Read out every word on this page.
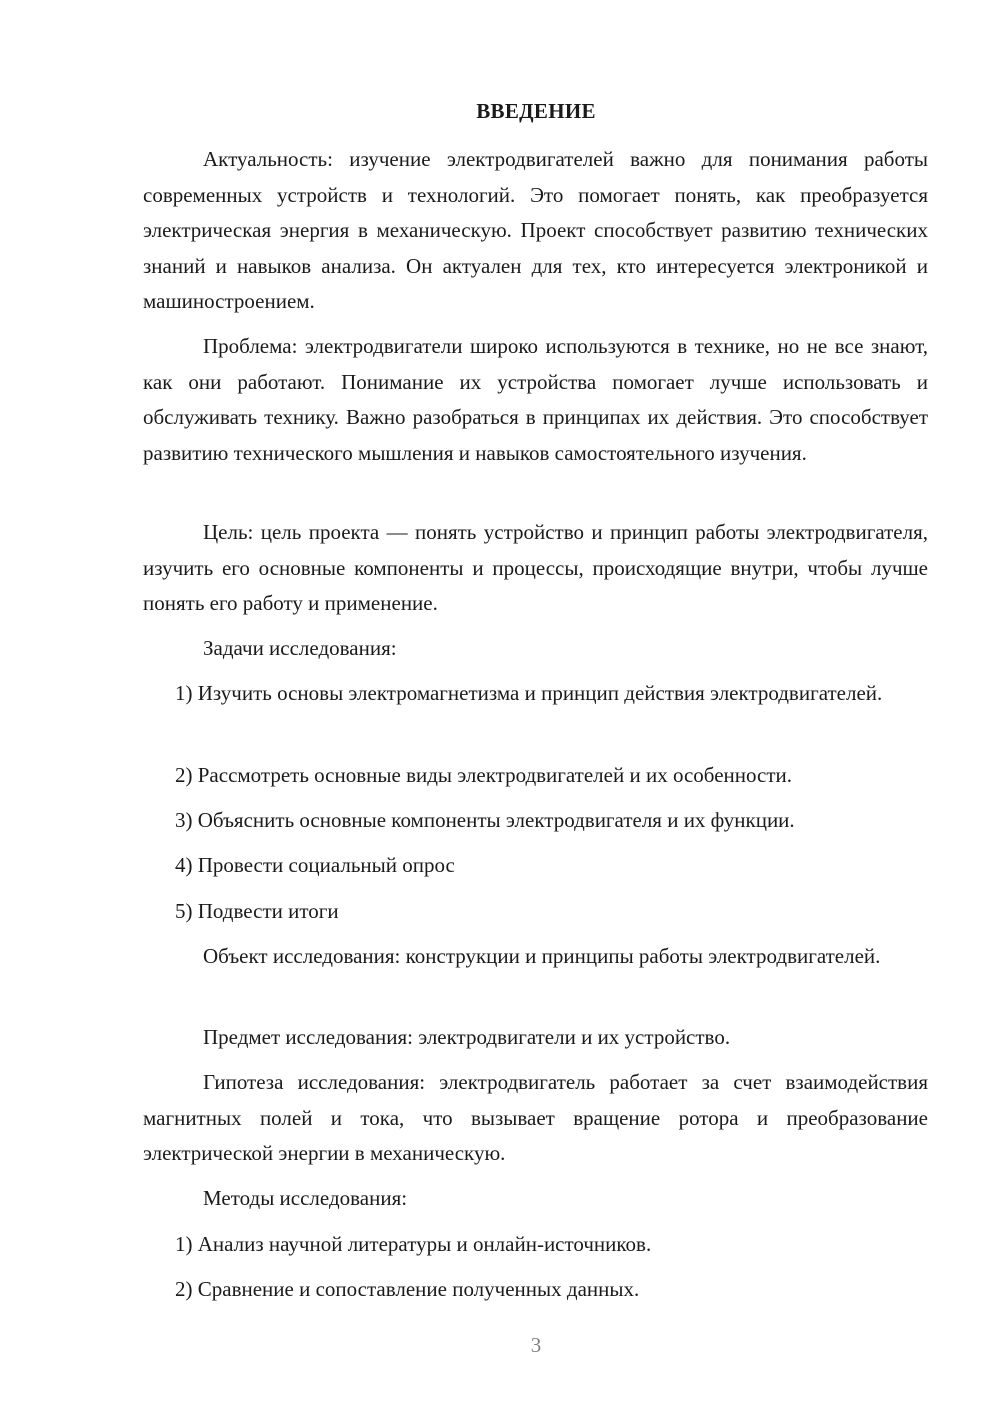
ВВЕДЕНИЕ

Актуальность: изучение электродвигателей важно для понимания работы современных устройств и технологий. Это помогает понять, как преобразуется электрическая энергия в механическую. Проект способствует развитию технических знаний и навыков анализа. Он актуален для тех, кто интересуется электроникой и машиностроением.

Проблема: электродвигатели широко используются в технике, но не все знают, как они работают. Понимание их устройства помогает лучше использовать и обслуживать технику. Важно разобраться в принципах их действия. Это способствует развитию технического мышления и навыков самостоятельного изучения.

Цель: цель проекта — понять устройство и принцип работы электродвигателя, изучить его основные компоненты и процессы, происходящие внутри, чтобы лучше понять его работу и применение.

Задачи исследования:

1) Изучить основы электромагнетизма и принцип действия электродвигателей.

2) Рассмотреть основные виды электродвигателей и их особенности.

3) Объяснить основные компоненты электродвигателя и их функции.

4) Провести социальный опрос

5) Подвести итоги

Объект исследования: конструкции и принципы работы электродвигателей.

Предмет исследования: электродвигатели и их устройство.

Гипотеза исследования: электродвигатель работает за счет взаимодействия магнитных полей и тока, что вызывает вращение ротора и преобразование электрической энергии в механическую.

Методы исследования:

1) Анализ научной литературы и онлайн-источников.

2) Сравнение и сопоставление полученных данных.

3
